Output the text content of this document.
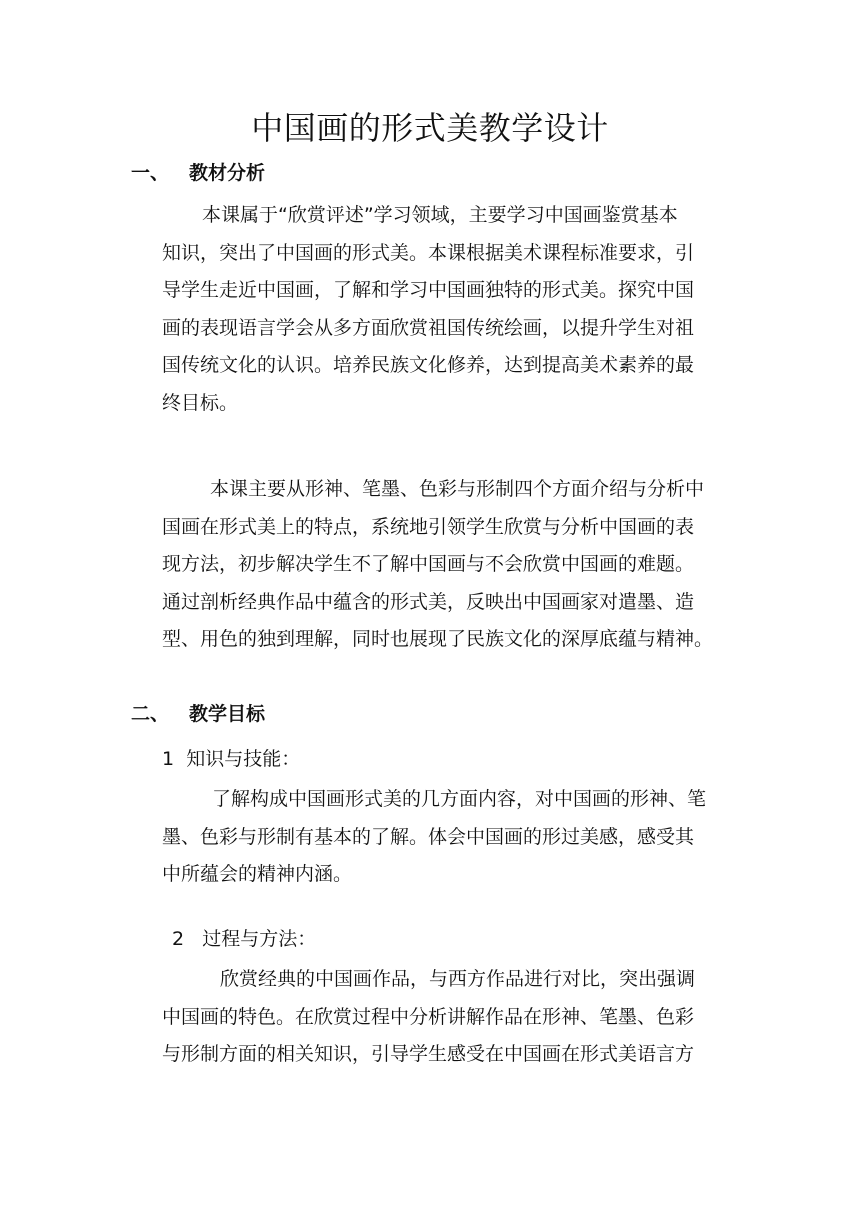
中国画的形式美教学设计
一、 教材分析
本课属于“欣赏评述”学习领域，主要学习中国画鉴赏基本
知识，突出了中国画的形式美。本课根据美术课程标准要求，引
导学生走近中国画，了解和学习中国画独特的形式美。探究中国
画的表现语言学会从多方面欣赏祖国传统绘画，以提升学生对祖
国传统文化的认识。培养民族文化修养，达到提高美术素养的最
终目标。
本课主要从形神、笔墨、色彩与形制四个方面介绍与分析中
国画在形式美上的特点，系统地引领学生欣赏与分析中国画的表
现方法，初步解决学生不了解中国画与不会欣赏中国画的难题。
通过剖析经典作品中蕴含的形式美，反映出中国画家对遣墨、造
型、用色的独到理解，同时也展现了民族文化的深厚底蕴与精神。
二、 教学目标
1 知识与技能：
了解构成中国画形式美的几方面内容，对中国画的形神、笔
墨、色彩与形制有基本的了解。体会中国画的形过美感，感受其
中所蕴会的精神内涵。
2 过程与方法：
欣赏经典的中国画作品，与西方作品进行对比，突出强调
中国画的特色。在欣赏过程中分析讲解作品在形神、笔墨、色彩
与形制方面的相关知识，引导学生感受在中国画在形式美语言方
